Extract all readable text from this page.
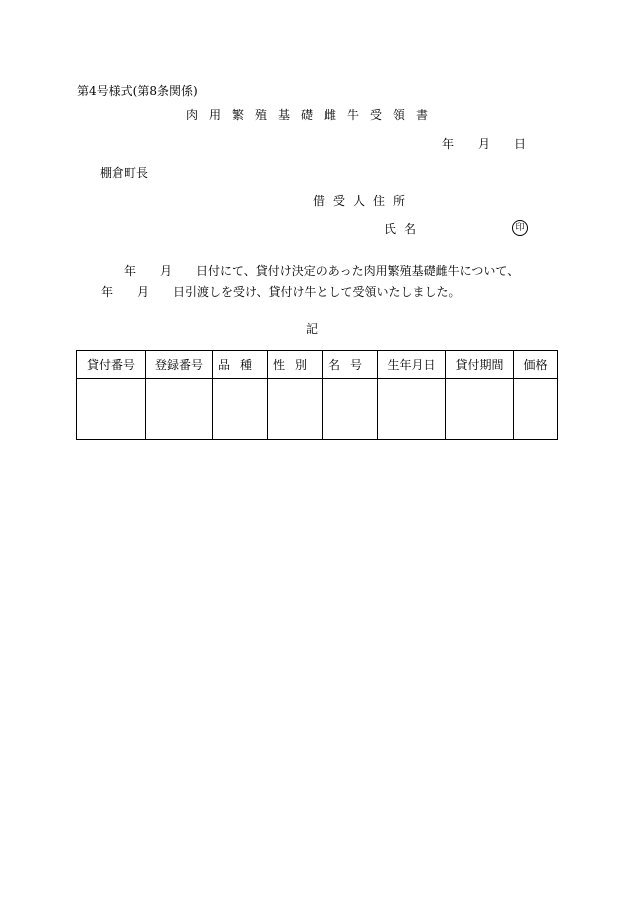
第4号様式(第8条関係)
肉用繁殖基礎雌牛受領書
年 月 日
棚倉町長
借受人住所
氏名	印
年 月 日付にて、貸付け決定のあった肉用繁殖基礎雌牛について、
年 月 日引渡しを受け、貸付け牛として受領いたしました。
記
貸付番号	登録番号	品種	性別	名号	生年月日	貸付期間	価格
